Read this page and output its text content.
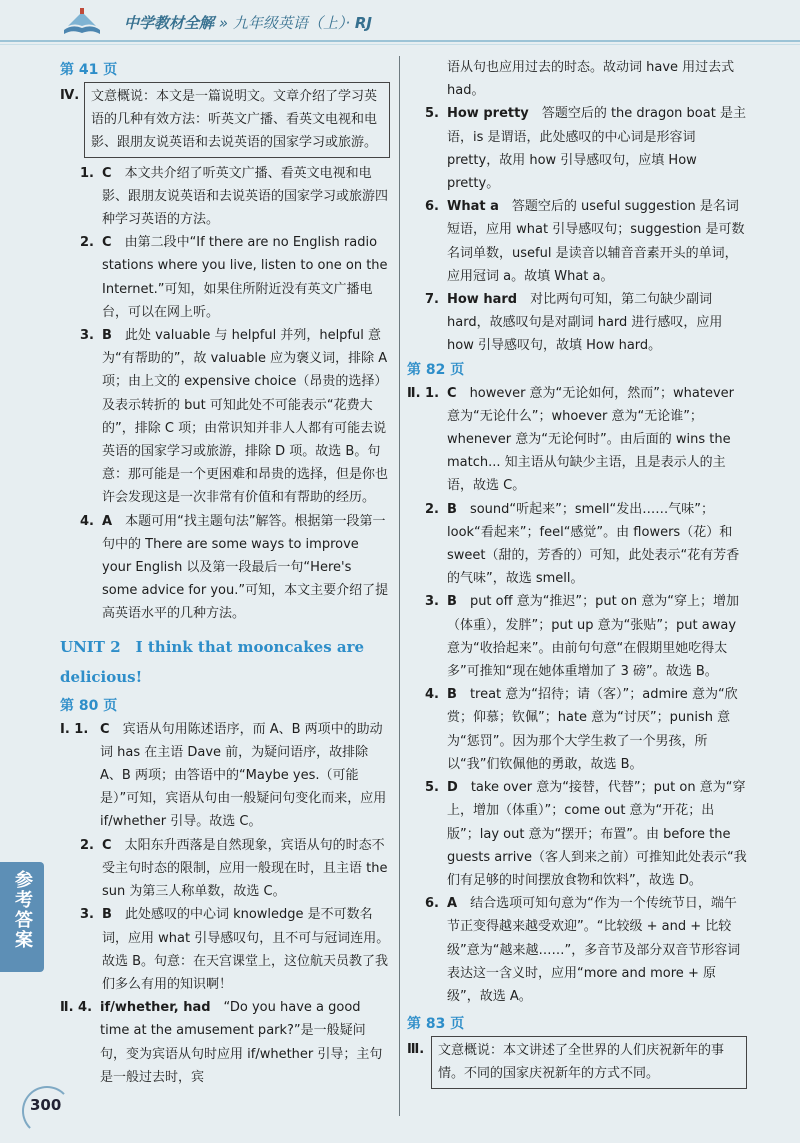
中学教材全解 » 九年级英语（上）· RJ
第 41 页
Ⅳ. 文意概说：本文是一篇说明文。文章介绍了学习英语的几种有效方法：听英文广播、看英文电视和电影、跟朋友说英语和去说英语的国家学习或旅游。
1. C　 本文共介绍了听英文广播、看英文电视和电影、跟朋友说英语和去说英语的国家学习或旅游四种学习英语的方法。
2. C　 由第二段中“If there are no English radio stations where you live, listen to one on the Internet.”可知，如果住所附近没有英文广播电台，可以在网上听。
3. B　 此处 valuable 与 helpful 并列，helpful 意为“有帮助的”，故 valuable 应为褒义词，排除 A 项；由上文的 expensive choice（昂贵的选择）及表示转折的 but 可知此处不可能表示“花费大的”，排除 C 项；由常识知并非人人都有可能去说英语的国家学习或旅游，排除 D 项。故选 B。句意：那可能是一个更困难和昂贵的选择，但是你也许会发现这是一次非常有价值和有帮助的经历。
4. A　 本题可用“找主题句法”解答。根据第一段第一句中的 There are some ways to improve your English 以及第一段最后一句“Here's some advice for you.”可知，本文主要介绍了提高英语水平的几种方法。
UNIT 2　I think that mooncakes are delicious!
第 80 页
Ⅰ. 1. C　 宾语从句用陈述语序，而 A、B 两项中的助动词 has 在主语 Dave 前，为疑问语序，故排除 A、B 两项；由答语中的“Maybe yes.（可能是）”可知，宾语从句由一般疑问句变化而来，应用 if/whether 引导。故选 C。
2. C　 太阳东升西落是自然现象，宾语从句的时态不受主句时态的限制，应用一般现在时，且主语 the sun 为第三人称单数，故选 C。
3. B　 此处感叹的中心词 knowledge 是不可数名词，应用 what 引导感叹句，且不可与冠词连用。故选 B。句意：在天宫课堂上，这位航天员教了我们多么有用的知识啊！
Ⅱ. 4. if/whether, had　 “Do you have a good time at the amusement park?”是一般疑问句，变为宾语从句时应用 if/whether 引导；主句是一般过去时，宾
语从句也应用过去的时态。故动词 have 用过去式 had。
5. How pretty　 答题空后的 the dragon boat 是主语，is 是谓语，此处感叹的中心词是形容词 pretty，故用 how 引导感叹句，应填 How pretty。
6. What a　 答题空后的 useful suggestion 是名词短语，应用 what 引导感叹句；suggestion 是可数名词单数，useful 是读音以辅音音素开头的单词，应用冠词 a。故填 What a。
7. How hard　 对比两句可知，第二句缺少副词 hard，故感叹句是对副词 hard 进行感叹，应用 how 引导感叹句，故填 How hard。
第 82 页
Ⅱ. 1. C　 however 意为“无论如何，然而”；whatever 意为“无论什么”；whoever 意为“无论谁”；whenever 意为“无论何时”。由后面的 wins the match... 知主语从句缺少主语，且是表示人的主语，故选 C。
2. B　 sound“听起来”；smell“发出……气味”；look“看起来”；feel“感觉”。由 flowers（花）和 sweet（甜的，芳香的）可知，此处表示“花有芳香的气味”，故选 smell。
3. B　 put off 意为“推迟”；put on 意为“穿上；增加（体重），发胖”；put up 意为“张贴”；put away 意为“收拾起来”。由前句句意“在假期里她吃得太多”可推知“现在她体重增加了 3 磅”。故选 B。
4. B　 treat 意为“招待；请（客）”；admire 意为“欣赏；仰慕；钦佩”；hate 意为“讨厌”；punish 意为“惩罚”。因为那个大学生救了一个男孩，所以“我”们钦佩他的勇敢，故选 B。
5. D　 take over 意为“接替，代替”；put on 意为“穿上，增加（体重）”；come out 意为“开花；出版”；lay out 意为“摆开；布置”。由 before the guests arrive（客人到来之前）可推知此处表示“我们有足够的时间摆放食物和饮料”，故选 D。
6. A　 结合选项可知句意为“作为一个传统节日，端午节正变得越来越受欢迎”。“比较级 + and + 比较级”意为“越来越……”，多音节及部分双音节形容词表达这一含义时，应用“more and more + 原级”，故选 A。
第 83 页
Ⅲ.	文意概说：本文讲述了全世界的人们庆祝新年的事情。不同的国家庆祝新年的方式不同。
参考答案
300
